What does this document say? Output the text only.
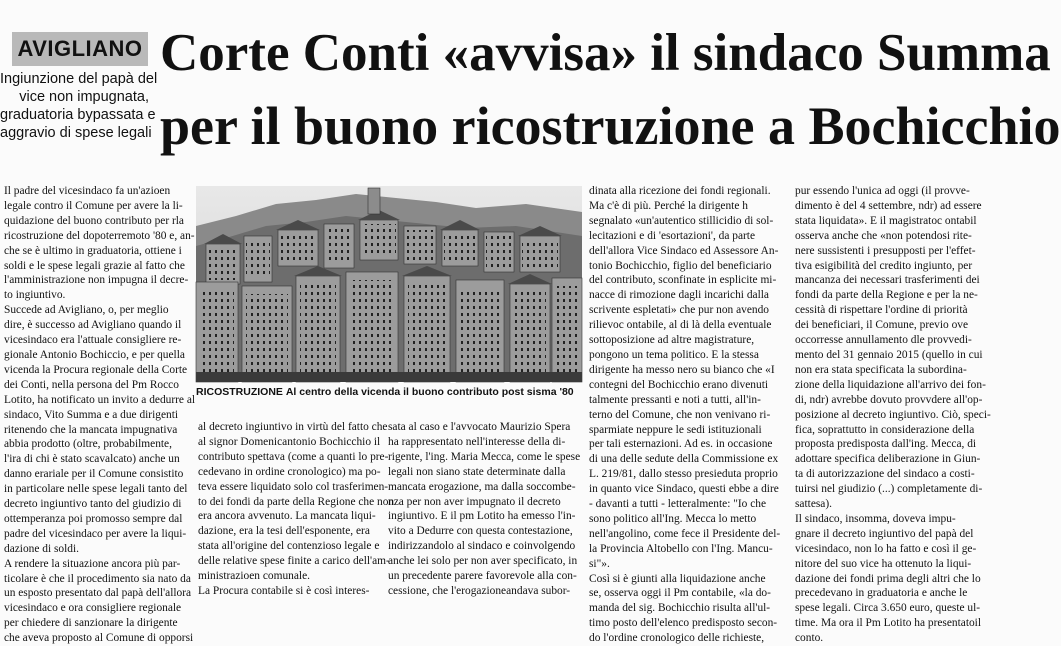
AVIGLIANO
Ingiunzione del papà del
vice non impugnata,
graduatoria bypassata e
aggravio di spese legali
Corte Conti «avvisa» il sindaco Summa
per il buono ricostruzione a Bochicchio
Il padre del vicesindaco fa un'azioen
legale contro il Comune per avere la li-
quidazione del buono contributo per rla
ricostruzione del dopoterremoto '80 e, an-
che se è ultimo in graduatoria, ottiene i
soldi e le spese legali grazie al fatto che
l'amministrazione non impugna il decre-
to ingiuntivo.
Succede ad Avigliano, o, per meglio
dire, è successo ad Avigliano quando il
vicesindaco era l'attuale consigliere re-
gionale Antonio Bochiccio, e per quella
vicenda la Procura regionale della Corte
dei Conti, nella persona del Pm Rocco
Lotito, ha notificato un invito a dedurre al
sindaco, Vito Summa e a due dirigenti
ritenendo che la mancata impugnativa
abbia prodotto (oltre, probabilmente,
l'ira di chi è stato scavalcato) anche un
danno erariale per il Comune consistito
in particolare nelle spese legali tanto del
decreto ingiuntivo tanto del giudizio di
ottemperanza poi promosso sempre dal
padre del vicesindaco per avere la liqui-
dazione di soldi.
A rendere la situazione ancora più par-
ticolare è che il procedimento sia nato da
un esposto presentato dal papà dell'allora
vicesindaco e ora consigliere regionale
per chiedere di sanzionare la dirigente
che aveva proposto al Comune di opporsi
al decreto ingiuntivo in virtù del fatto che
al signor Domenicantonio Bochicchio il
contributo spettava (come a quanti lo pre-
cedevano in ordine cronologico) ma po-
teva essere liquidato solo col trasferimen-
to dei fondi da parte della Regione che non
era ancora avvenuto. La mancata liqui-
dazione, era la tesi dell'esponente, era
stata all'origine del contenzioso legale e
delle relative spese finite a carico dell'am-
ministrazioen comunale.
La Procura contabile si è così interes-
sata al caso e l'avvocato Maurizio Spera
ha rappresentato nell'interesse della di-
rigente, l'ing. Maria Mecca, come le spese
legali non siano state determinate dalla
mancata erogazione, ma dalla soccombe-
nza per non aver impugnato il decreto
ingiuntivo. E il pm Lotito ha emesso l'in-
vito a Dedurre con questa contestazione,
indirizzandolo al sindaco e coinvolgendo
anche lei solo per non aver specificato, in
un precedente parere favorevole alla con-
cessione, che l'erogazioneandava subor-
dinata alla ricezione dei fondi regionali.
Ma c'è di più. Perché la dirigente h
segnalato «un'autentico stillicidio di sol-
lecitazioni e di 'esortazioni', da parte
dell'allora Vice Sindaco ed Assessore An-
tonio Bochicchio, figlio del beneficiario
del contributo, sconfinate in esplicite mi-
nacce di rimozione dagli incarichi dalla
scrivente espletati» che pur non avendo
rilievoc ontabile, al di là della eventuale
sottoposizione ad altre magistrature,
pongono un tema politico. E la stessa
dirigente ha messo nero su bianco che «I
contegni del Bochicchio erano divenuti
talmente pressanti e noti a tutti, all'in-
terno del Comune, che non venivano ri-
sparmiate neppure le sedi istituzionali
per tali esternazioni. Ad es. in occasione
di una delle sedute della Commissione ex
L. 219/81, dallo stesso presieduta proprio
in quanto vice Sindaco, questi ebbe a dire
- davanti a tutti - letteralmente: "Io che
sono politico all'Ing. Mecca lo metto
nell'angolino, come fece il Presidente del-
la Provincia Altobello con l'Ing. Mancu-
si"».
Così si è giunti alla liquidazione anche
se, osserva oggi il Pm contabile, «la do-
manda del sig. Bochicchio risulta all'ul-
timo posto dell'elenco predisposto secon-
do l'ordine cronologico delle richieste,
pur essendo l'unica ad oggi (il provve-
dimento è del 4 settembre, ndr) ad essere
stata liquidata». E il magistratoc ontabil
osserva anche che «non potendosi rite-
nere sussistenti i presupposti per l'effet-
tiva esigibilità del credito ingiunto, per
mancanza dei necessari trasferimenti dei
fondi da parte della Regione e per la ne-
cessità di rispettare l'ordine di priorità
dei beneficiari, il Comune, previo ove
occorresse annullamento dle provvedi-
mento del 31 gennaio 2015 (quello in cui
non era stata specificata la subordina-
zione della liquidazione all'arrivo dei fon-
di, ndr) avrebbe dovuto provvdere all'op-
posizione al decreto ingiuntivo. Ciò, speci-
fica, soprattutto in considerazione della
proposta predisposta dall'ing. Mecca, di
adottare specifica deliberazione in Giun-
ta di autorizzazione del sindaco a costi-
tuirsi nel giudizio (...) completamente di-
sattesa).
Il sindaco, insomma, doveva impu-
gnare il decreto ingiuntivo del papà del
vicesindaco, non lo ha fatto e così il ge-
nitore del suo vice ha ottenuto la liqui-
dazione dei fondi prima degli altri che lo
precedevano in graduatoria e anche le
spese legali. Circa 3.650 euro, queste ul-
time. Ma ora il Pm Lotito ha presentatoil
conto.
RICOSTRUZIONE Al centro della vicenda il buono contributo post sisma '80
